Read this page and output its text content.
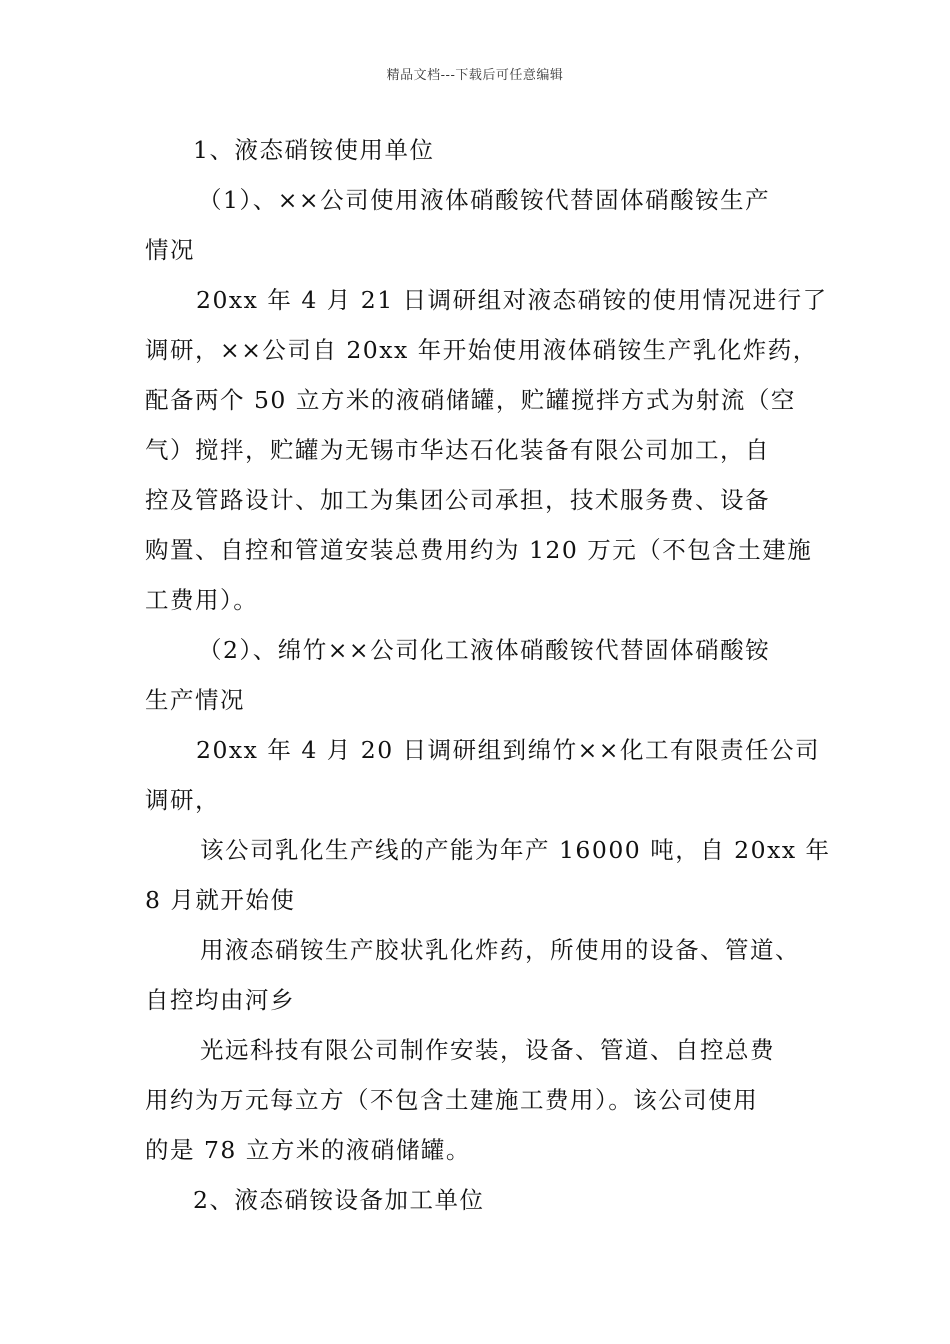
精品文档---下载后可任意编辑
1、液态硝铵使用单位
（1）、××公司使用液体硝酸铵代替固体硝酸铵生产
情况
20xx 年 4 月 21 日调研组对液态硝铵的使用情况进行了
调研，××公司自 20xx 年开始使用液体硝铵生产乳化炸药，
配备两个 50 立方米的液硝储罐，贮罐搅拌方式为射流（空
气）搅拌，贮罐为无锡市华达石化装备有限公司加工，自
控及管路设计、加工为集团公司承担，技术服务费、设备
购置、自控和管道安装总费用约为 120 万元（不包含土建施
工费用）。
（2）、绵竹××公司化工液体硝酸铵代替固体硝酸铵
生产情况
20xx 年 4 月 20 日调研组到绵竹××化工有限责任公司
调研，
该公司乳化生产线的产能为年产 16000 吨，自 20xx 年
8 月就开始使
用液态硝铵生产胶状乳化炸药，所使用的设备、管道、
自控均由河乡
光远科技有限公司制作安装，设备、管道、自控总费
用约为万元每立方（不包含土建施工费用）。该公司使用
的是 78 立方米的液硝储罐。
2、液态硝铵设备加工单位
